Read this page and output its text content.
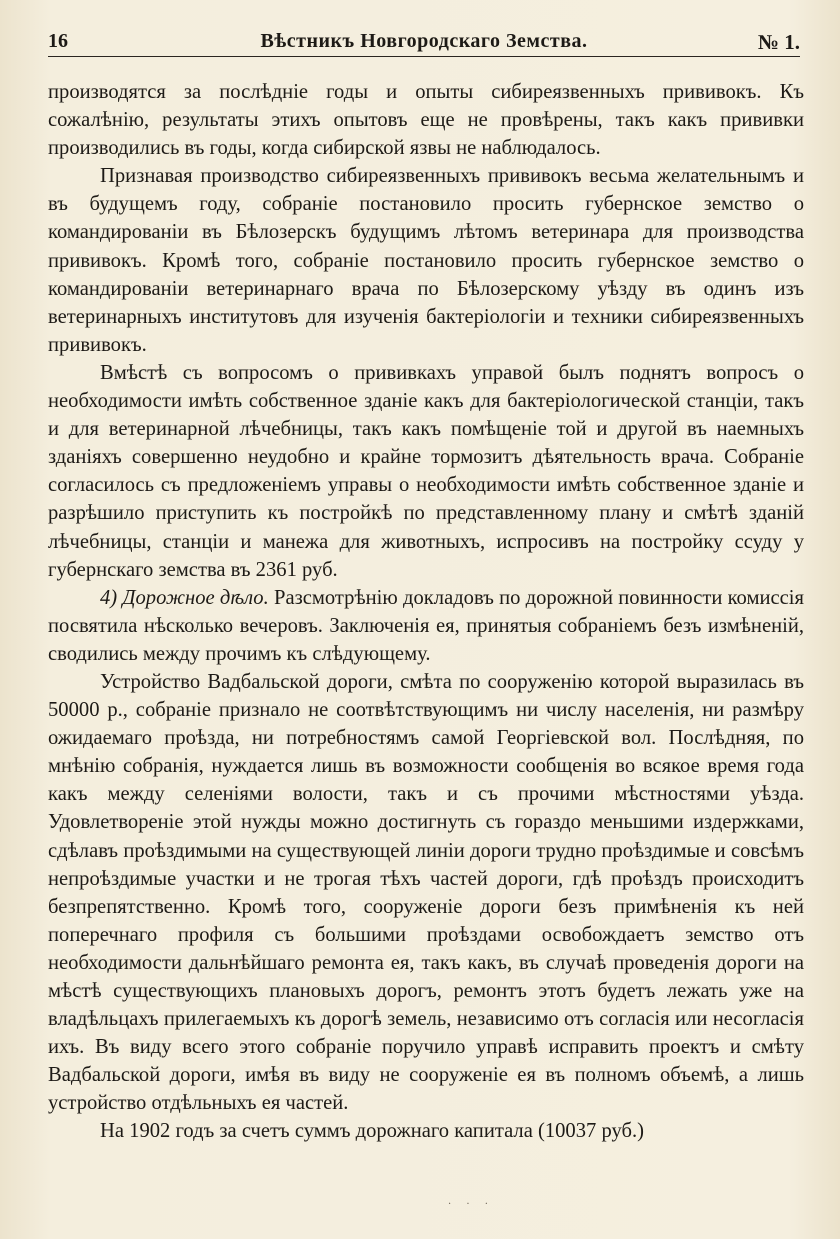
16	Вѣстникъ Новгородскаго Земства.	№ 1.

производятся за послѣдніе годы и опыты сибиреязвенныхъ прививокъ. Къ сожалѣнію, результаты этихъ опытовъ еще не провѣрены, такъ какъ прививки производились въ годы, когда сибирской язвы не наблюдалось.

Признавая производство сибиреязвенныхъ прививокъ весьма желательнымъ и въ будущемъ году, собраніе постановило просить губернское земство о командированіи въ Бѣлозерскъ будущимъ лѣтомъ ветеринара для производства прививокъ. Кромѣ того, собраніе постановило просить губернское земство о командированіи ветеринарнаго врача по Бѣлозерскому уѣзду въ одинъ изъ ветеринарныхъ институтовъ для изученія бактеріологіи и техники сибиреязвенныхъ прививокъ.

Вмѣстѣ съ вопросомъ о прививкахъ управой былъ поднятъ вопросъ о необходимости имѣть собственное зданіе какъ для бактеріологической станціи, такъ и для ветеринарной лѣчебницы, такъ какъ помѣщеніе той и другой въ наемныхъ зданіяхъ совершенно неудобно и крайне тормозитъ дѣятельность врача. Собраніе согласилось съ предложеніемъ управы о необходимости имѣть собственное зданіе и разрѣшило приступить къ постройкѣ по представленному плану и смѣтѣ зданій лѣчебницы, станціи и манежа для животныхъ, испросивъ на постройку ссуду у губернскаго земства въ 2361 руб.

4) Дорожное дѣло. Разсмотрѣнію докладовъ по дорожной повинности комиссія посвятила нѣсколько вечеровъ. Заключенія ея, принятыя собраніемъ безъ измѣненій, сводились между прочимъ къ слѣдующему.

Устройство Вадбальской дороги, смѣта по сооруженію которой выразилась въ 50000 р., собраніе признало не соотвѣтствующимъ ни числу населенія, ни размѣру ожидаемаго проѣзда, ни потребностямъ самой Георгіевской вол. Послѣдняя, по мнѣнію собранія, нуждается лишь въ возможности сообщенія во всякое время года какъ между селеніями волости, такъ и съ прочими мѣстностями уѣзда. Удовлетвореніе этой нужды можно достигнуть съ гораздо меньшими издержками, сдѣлавъ проѣздимыми на существующей линіи дороги трудно проѣздимые и совсѣмъ непроѣздимые участки и не трогая тѣхъ частей дороги, гдѣ проѣздъ происходитъ безпрепятственно. Кромѣ того, сооруженіе дороги безъ примѣненія къ ней поперечнаго профиля съ большими проѣздами освобождаетъ земство отъ необходимости дальнѣйшаго ремонта ея, такъ какъ, въ случаѣ проведенія дороги на мѣстѣ существующихъ плановыхъ дорогъ, ремонтъ этотъ будетъ лежать уже на владѣльцахъ прилегаемыхъ къ дорогѣ земель, независимо отъ согласія или несогласія ихъ. Въ виду всего этого собраніе поручило управѣ исправить проектъ и смѣту Вадбальской дороги, имѣя въ виду не сооруженіе ея въ полномъ объемѣ, а лишь устройство отдѣльныхъ ея частей.

На 1902 годъ за счетъ суммъ дорожнаго капитала (10037 руб.)

. . .
